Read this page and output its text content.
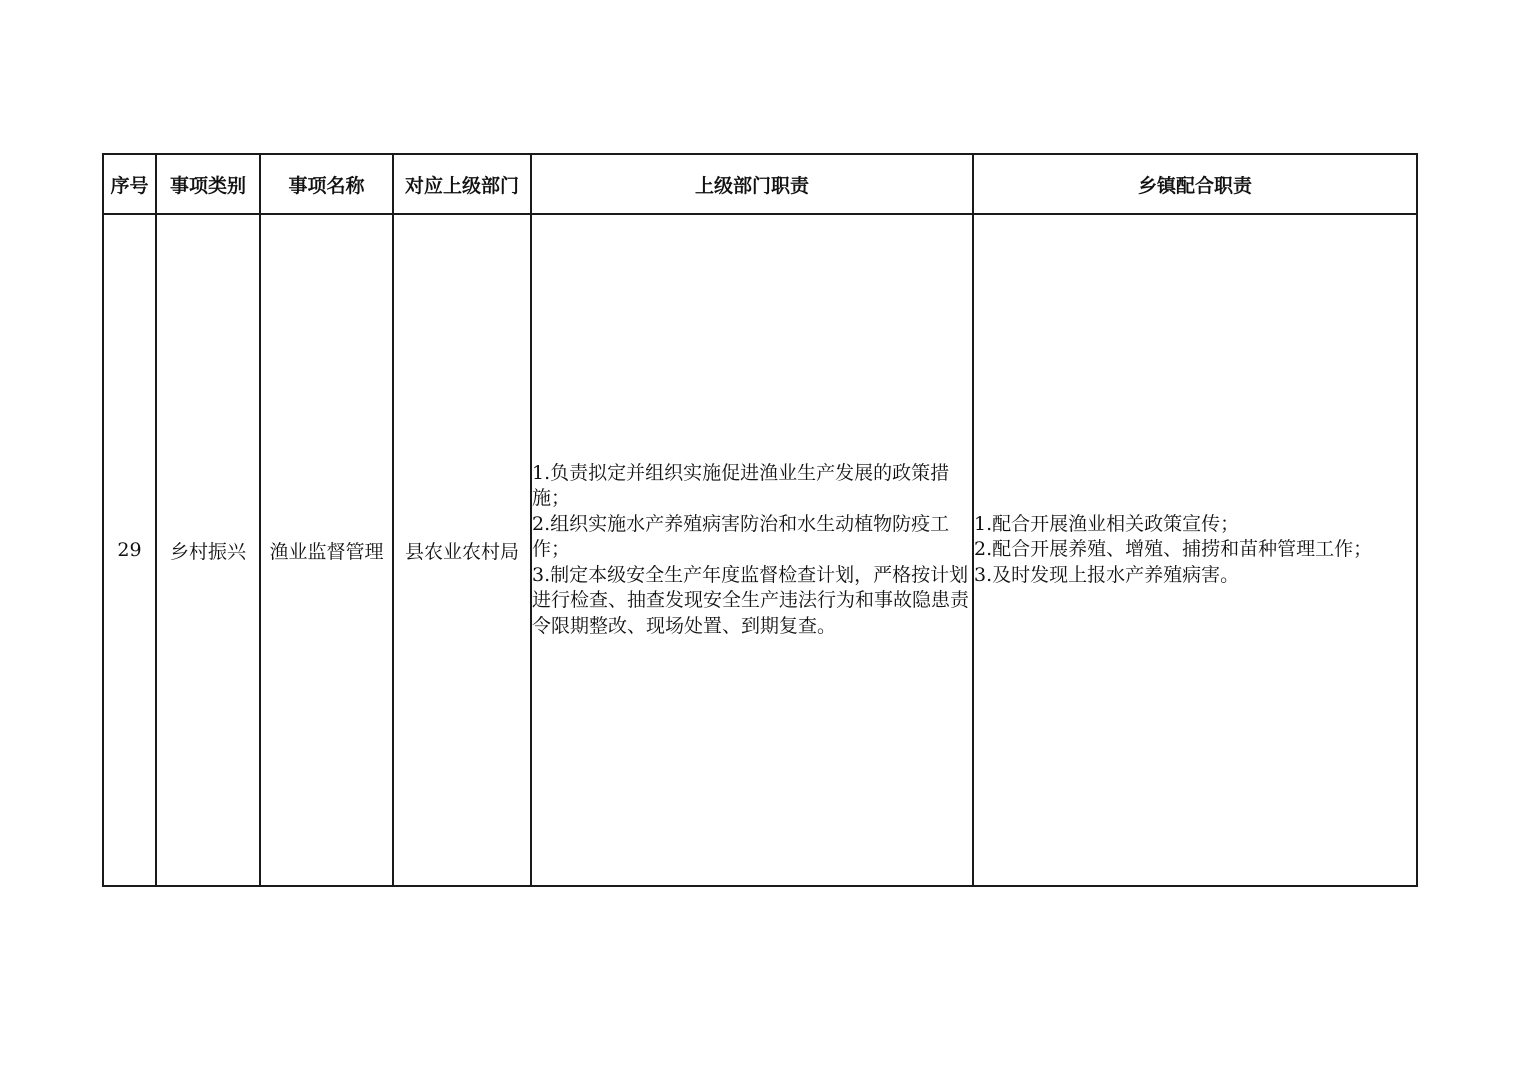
序号	事项类别	事项名称	对应上级部门	上级部门职责	乡镇配合职责
29	乡村振兴	渔业监督管理	县农业农村局	1.负责拟定并组织实施促进渔业生产发展的政策措施；
2.组织实施水产养殖病害防治和水生动植物防疫工作；
3.制定本级安全生产年度监督检查计划，严格按计划进行检查、抽查发现安全生产违法行为和事故隐患责令限期整改、现场处置、到期复查。	1.配合开展渔业相关政策宣传；
2.配合开展养殖、增殖、捕捞和苗种管理工作；
3.及时发现上报水产养殖病害。
